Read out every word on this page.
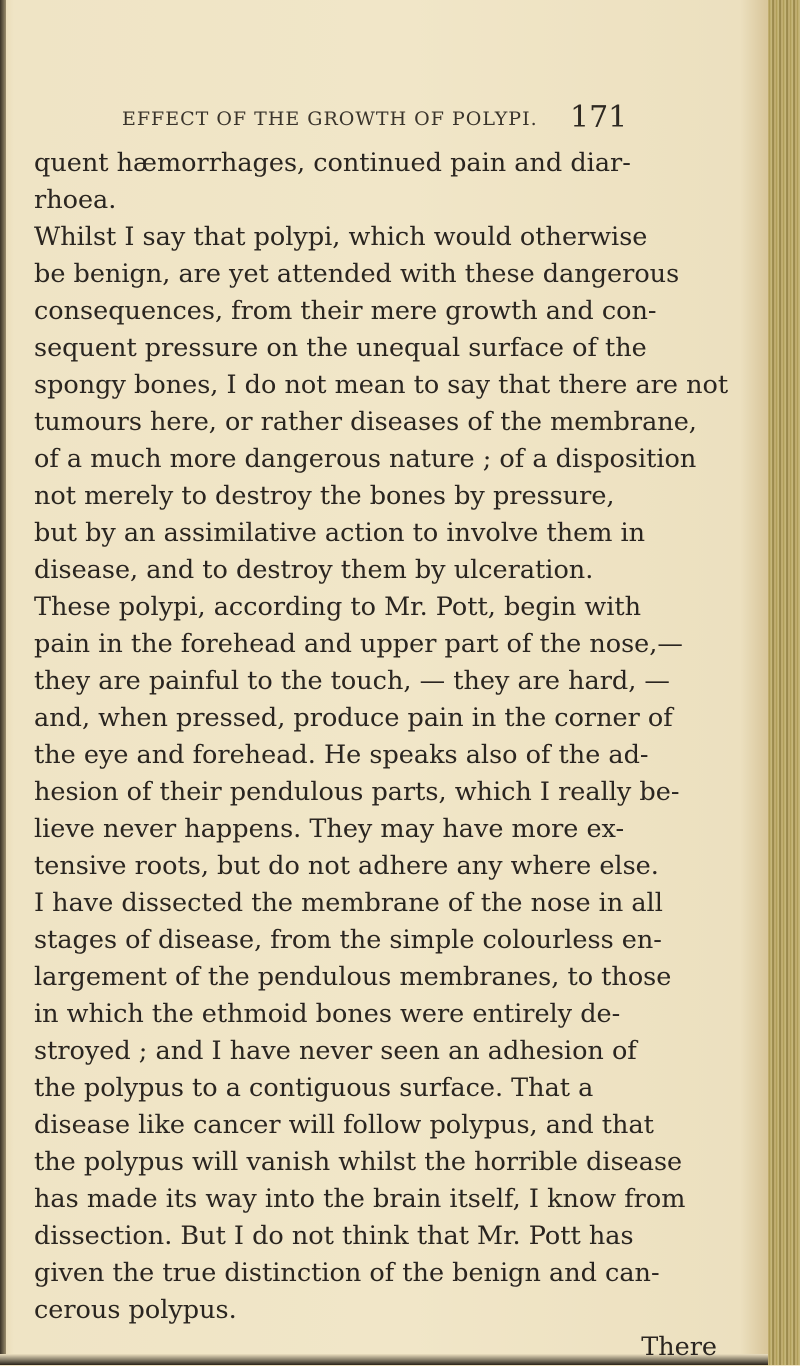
EFFECT OF THE GROWTH OF POLYPI. 171
quent hæmorrhages, continued pain and diar-
rhoea.
Whilst I say that polypi, which would otherwise
be benign, are yet attended with these dangerous
consequences, from their mere growth and con-
sequent pressure on the unequal surface of the
spongy bones, I do not mean to say that there are not
tumours here, or rather diseases of the membrane,
of a much more dangerous nature ; of a disposition
not merely to destroy the bones by pressure,
but by an assimilative action to involve them in
disease, and to destroy them by ulceration.
These polypi, according to Mr. Pott, begin with
pain in the forehead and upper part of the nose,—
they are painful to the touch, — they are hard, —
and, when pressed, produce pain in the corner of
the eye and forehead. He speaks also of the ad-
hesion of their pendulous parts, which I really be-
lieve never happens. They may have more ex-
tensive roots, but do not adhere any where else.
I have dissected the membrane of the nose in all
stages of disease, from the simple colourless en-
largement of the pendulous membranes, to those
in which the ethmoid bones were entirely de-
stroyed ; and I have never seen an adhesion of
the polypus to a contiguous surface. That a
disease like cancer will follow polypus, and that
the polypus will vanish whilst the horrible disease
has made its way into the brain itself, I know from
dissection. But I do not think that Mr. Pott has
given the true distinction of the benign and can-
cerous polypus.
There
